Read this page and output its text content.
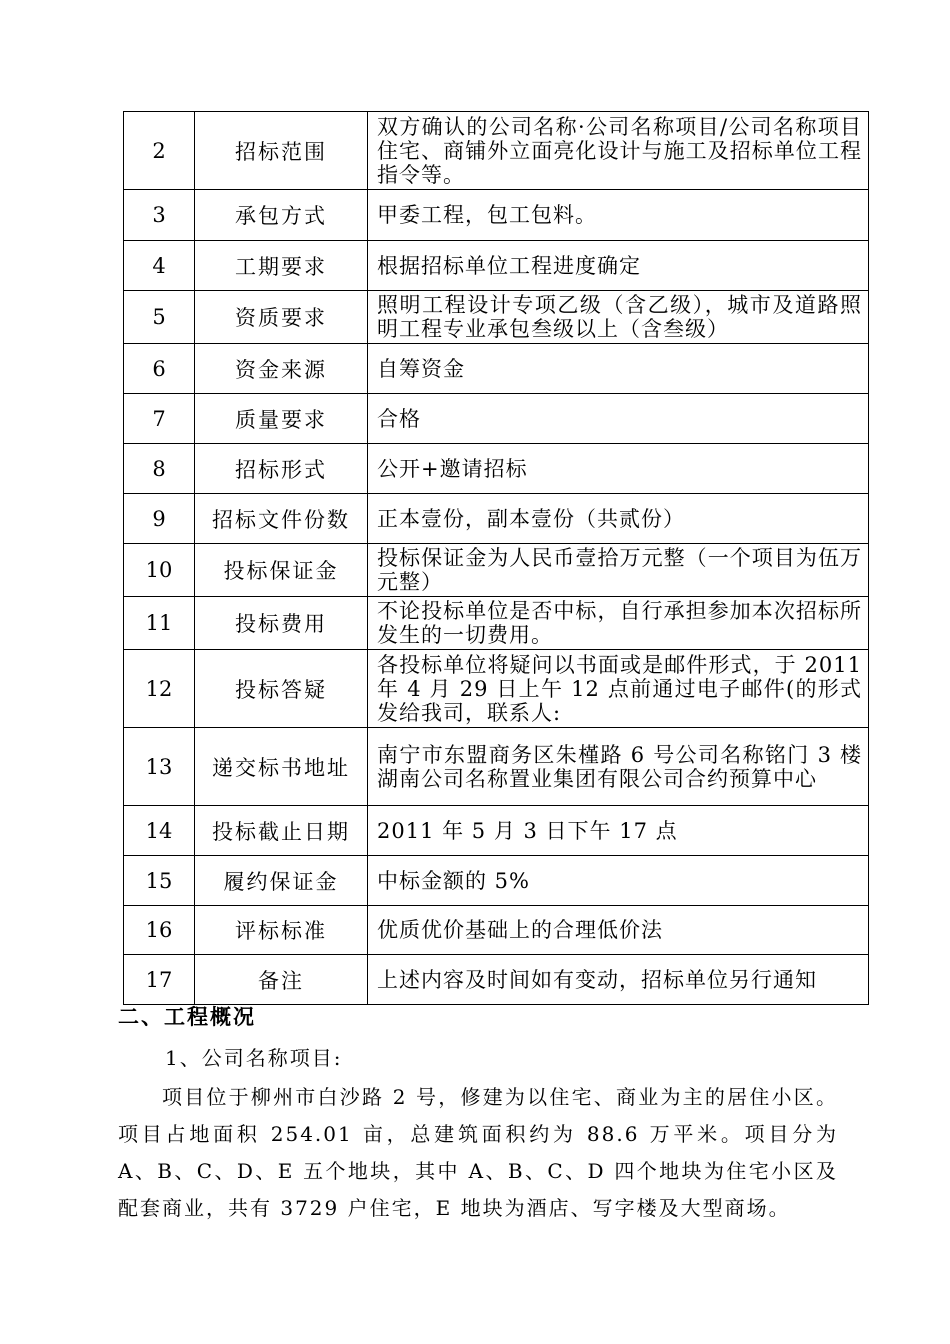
2	招标范围	双方确认的公司名称·公司名称项目/公司名称项目住宅、商铺外立面亮化设计与施工及招标单位工程指令等。
3	承包方式	甲委工程，包工包料。
4	工期要求	根据招标单位工程进度确定
5	资质要求	照明工程设计专项乙级（含乙级），城市及道路照明工程专业承包叁级以上（含叁级）
6	资金来源	自筹资金
7	质量要求	合格
8	招标形式	公开+邀请招标
9	招标文件份数	正本壹份，副本壹份（共贰份）
10	投标保证金	投标保证金为人民币壹拾万元整（一个项目为伍万元整）
11	投标费用	不论投标单位是否中标，自行承担参加本次招标所发生的一切费用。
12	投标答疑	各投标单位将疑问以书面或是邮件形式，于 2011 年 4 月 29 日上午 12 点前通过电子邮件(的形式发给我司，联系人:
13	递交标书地址	南宁市东盟商务区朱槿路 6 号公司名称铭门 3 楼湖南公司名称置业集团有限公司合约预算中心
14	投标截止日期	2011 年 5 月 3 日下午 17 点
15	履约保证金	中标金额的 5%
16	评标标准	优质优价基础上的合理低价法
17	备注	上述内容及时间如有变动，招标单位另行通知
二、工程概况
1、公司名称项目:

项目位于柳州市白沙路 2 号，修建为以住宅、商业为主的居住小区。项目占地面积 254.01 亩，总建筑面积约为 88.6 万平米。项目分为 A、B、C、D、E 五个地块，其中 A、B、C、D 四个地块为住宅小区及配套商业，共有 3729 户住宅，E 地块为酒店、写字楼及大型商场。
